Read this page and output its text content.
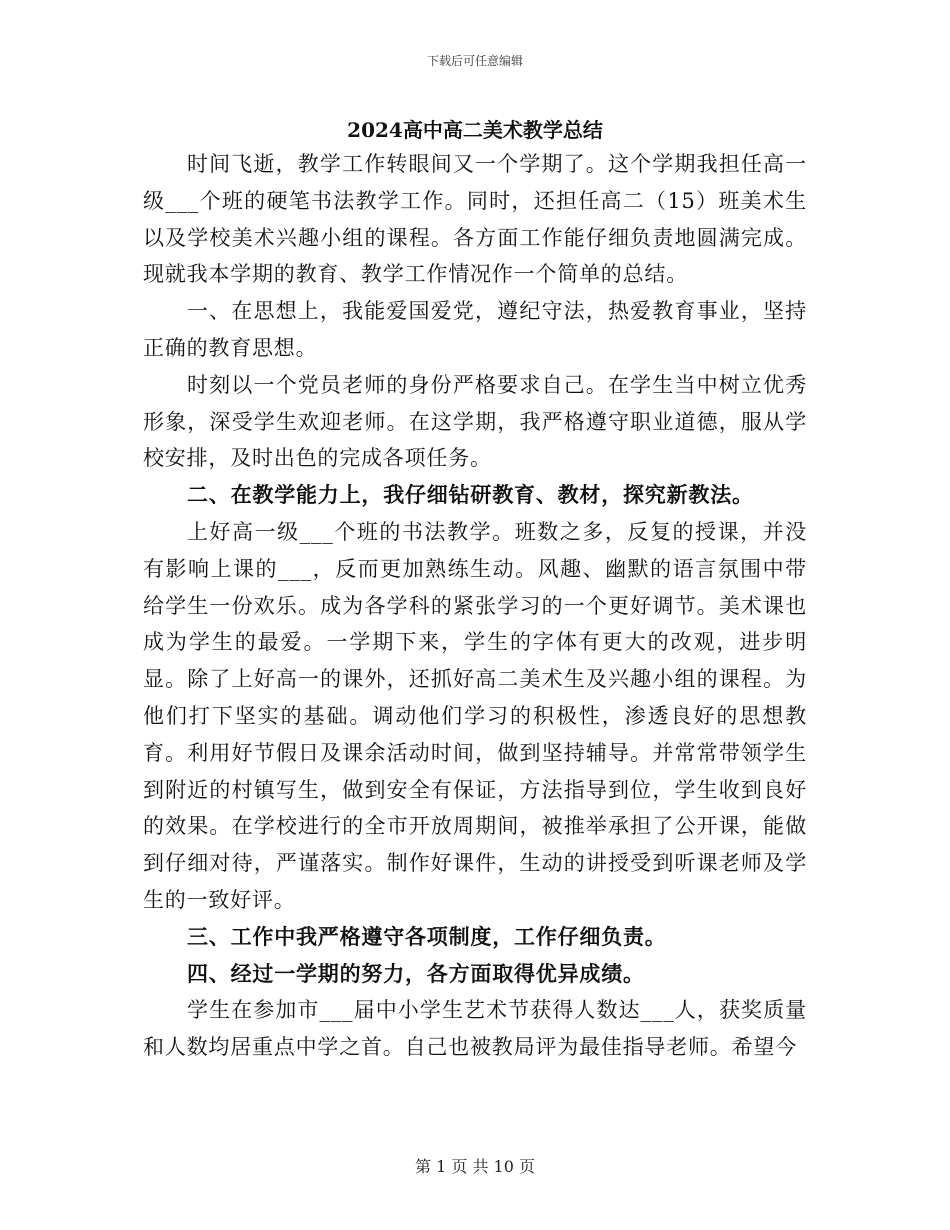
下载后可任意编辑
2024高中高二美术教学总结

时间飞逝，教学工作转眼间又一个学期了。这个学期我担任高一级___个班的硬笔书法教学工作。同时，还担任高二（15）班美术生以及学校美术兴趣小组的课程。各方面工作能仔细负责地圆满完成。现就我本学期的教育、教学工作情况作一个简单的总结。

一、在思想上，我能爱国爱党，遵纪守法，热爱教育事业，坚持正确的教育思想。

时刻以一个党员老师的身份严格要求自己。在学生当中树立优秀形象，深受学生欢迎老师。在这学期，我严格遵守职业道德，服从学校安排，及时出色的完成各项任务。

二、在教学能力上，我仔细钻研教育、教材，探究新教法。

上好高一级___个班的书法教学。班数之多，反复的授课，并没有影响上课的___，反而更加熟练生动。风趣、幽默的语言氛围中带给学生一份欢乐。成为各学科的紧张学习的一个更好调节。美术课也成为学生的最爱。一学期下来，学生的字体有更大的改观，进步明显。除了上好高一的课外，还抓好高二美术生及兴趣小组的课程。为他们打下坚实的基础。调动他们学习的积极性，渗透良好的思想教育。利用好节假日及课余活动时间，做到坚持辅导。并常常带领学生到附近的村镇写生，做到安全有保证，方法指导到位，学生收到良好的效果。在学校进行的全市开放周期间，被推举承担了公开课，能做到仔细对待，严谨落实。制作好课件，生动的讲授受到听课老师及学生的一致好评。

三、工作中我严格遵守各项制度，工作仔细负责。

四、经过一学期的努力，各方面取得优异成绩。

学生在参加市___届中小学生艺术节获得人数达___人，获奖质量和人数均居重点中学之首。自己也被教局评为最佳指导老师。希望今

第 1 页 共 10 页
